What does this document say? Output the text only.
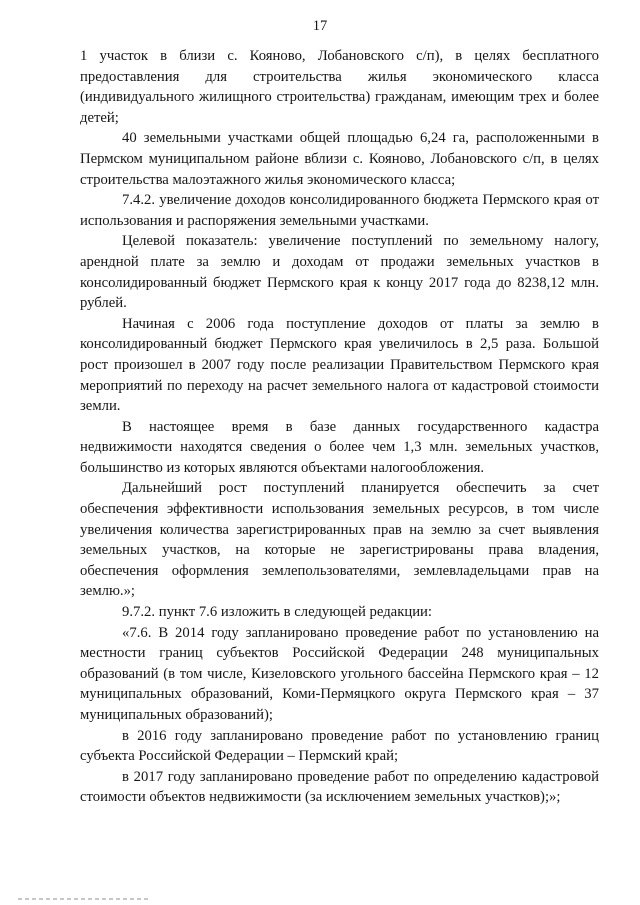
17

1 участок в близи с. Кояново, Лобановского с/п), в целях бесплатного предоставления для строительства жилья экономического класса (индивидуального жилищного строительства) гражданам, имеющим трех и более детей;

40 земельными участками общей площадью 6,24 га, расположенными в Пермском муниципальном районе вблизи с. Кояново, Лобановского с/п, в целях строительства малоэтажного жилья экономического класса;

7.4.2. увеличение доходов консолидированного бюджета Пермского края от использования и распоряжения земельными участками.

Целевой показатель: увеличение поступлений по земельному налогу, арендной плате за землю и доходам от продажи земельных участков в консолидированный бюджет Пермского края к концу 2017 года до 8238,12 млн. рублей.

Начиная с 2006 года поступление доходов от платы за землю в консолидированный бюджет Пермского края увеличилось в 2,5 раза. Большой рост произошел в 2007 году после реализации Правительством Пермского края мероприятий по переходу на расчет земельного налога от кадастровой стоимости земли.

В настоящее время в базе данных государственного кадастра недвижимости находятся сведения о более чем 1,3 млн. земельных участков, большинство из которых являются объектами налогообложения.

Дальнейший рост поступлений планируется обеспечить за счет обеспечения эффективности использования земельных ресурсов, в том числе увеличения количества зарегистрированных прав на землю за счет выявления земельных участков, на которые не зарегистрированы права владения, обеспечения оформления землепользователями, землевладельцами прав на землю.»;

9.7.2. пункт 7.6 изложить в следующей редакции:

«7.6. В 2014 году запланировано проведение работ по установлению на местности границ субъектов Российской Федерации 248 муниципальных образований (в том числе, Кизеловского угольного бассейна Пермского края – 12 муниципальных образований, Коми-Пермяцкого округа Пермского края – 37 муниципальных образований);

в 2016 году запланировано проведение работ по установлению границ субъекта Российской Федерации – Пермский край;

в 2017 году запланировано проведение работ по определению кадастровой стоимости объектов недвижимости (за исключением земельных участков);»;
